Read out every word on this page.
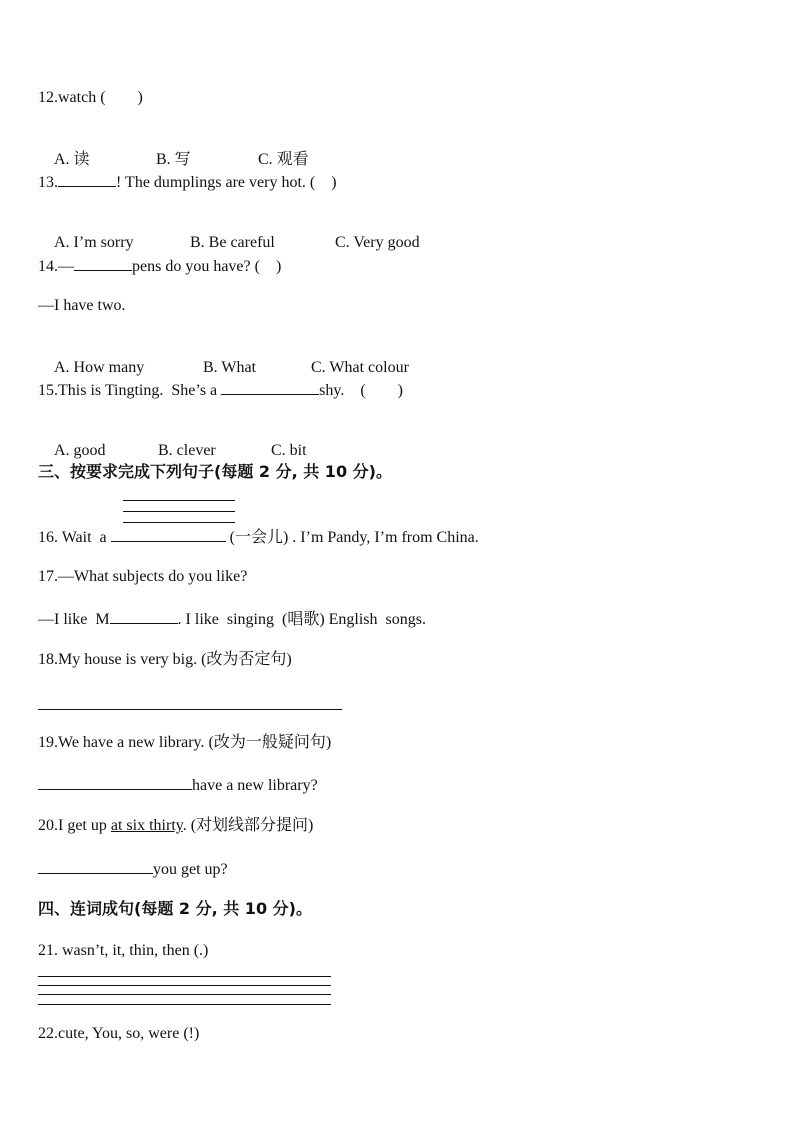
12.watch (　　)

A. 读	B. 写	C. 观看

13.	! The dumplings are very hot. (　)

A. I’m sorry	B. Be careful	C. Very good

14.—	pens do you have? (　)
—I have two.

A. How many	B. What	C. What colour

15.This is Tingting.  She’s a	shy.　(　　)

A. good	B. clever	C. bit

三、按要求完成下列句子(每题 2 分, 共 10 分)。
16. Wait  a	(一会儿) . I’m Pandy, I’m from China.
17.—What subjects do you like?
—I like  M	. I like  singing  (唱歌) English  songs.
18.My house is very big. (改为否定句)
19.We have a new library. (改为一般疑问句)
have a new library?
20.I get up at six thirty. (对划线部分提问)
you get up?
四、连词成句(每题 2 分, 共 10 分)。
21. wasn’t, it, thin, then (.)
22.cute, You, so, were (!)
